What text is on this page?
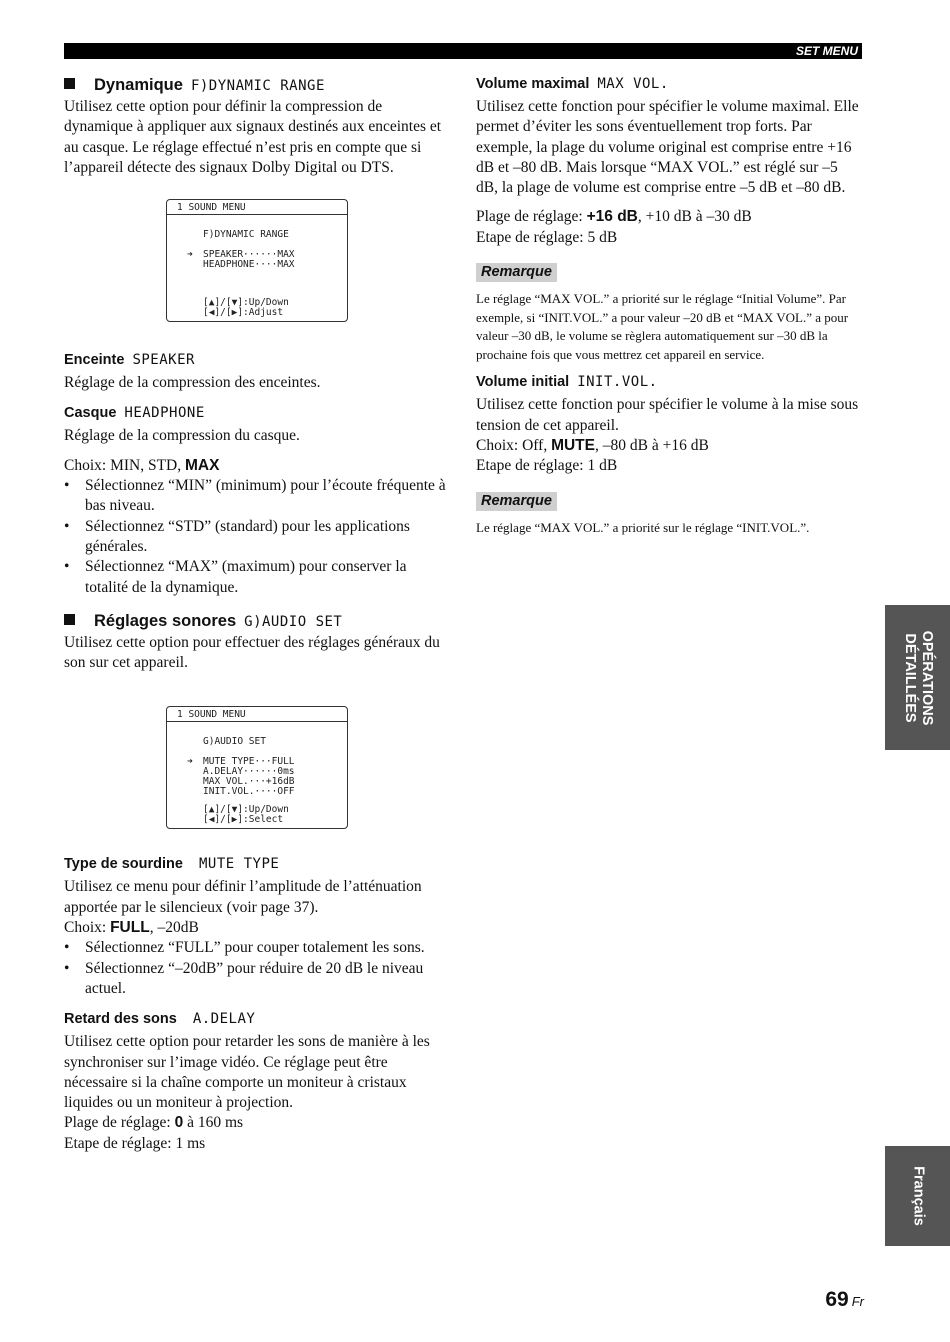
SET MENU
Dynamique F)DYNAMIC RANGE

Utilisez cette option pour définir la compression de dynamique à appliquer aux signaux destinés aux enceintes et au casque. Le réglage effectué n’est pris en compte que si l’appareil détecte des signaux Dolby Digital ou DTS.

1 SOUND MENU
F)DYNAMIC RANGE
➜ SPEAKER······MAX
HEADPHONE····MAX
[▲]/[▼]:Up/Down
[◀]/[▶]:Adjust
Enceinte SPEAKER

Réglage de la compression des enceintes.

Casque HEADPHONE

Réglage de la compression du casque.

Choix: MIN, STD, MAX

• Sélectionnez “MIN” (minimum) pour l’écoute fréquente à bas niveau.
• Sélectionnez “STD” (standard) pour les applications générales.
• Sélectionnez “MAX” (maximum) pour conserver la totalité de la dynamique.
Réglages sonores G)AUDIO SET

Utilisez cette option pour effectuer des réglages généraux du son sur cet appareil.

1 SOUND MENU
G)AUDIO SET
➜ MUTE TYPE···FULL
A.DELAY······0ms
MAX VOL.···+16dB
INIT.VOL.····OFF
[▲]/[▼]:Up/Down
[◀]/[▶]:Select
Type de sourdine MUTE TYPE

Utilisez ce menu pour définir l’amplitude de l’atténuation apportée par le silencieux (voir page 37).

Choix: FULL, –20dB

• Sélectionnez “FULL” pour couper totalement les sons.
• Sélectionnez “–20dB” pour réduire de 20 dB le niveau actuel.
Retard des sons A.DELAY

Utilisez cette option pour retarder les sons de manière à les synchroniser sur l’image vidéo. Ce réglage peut être nécessaire si la chaîne comporte un moniteur à cristaux liquides ou un moniteur à projection.

Plage de réglage: 0 à 160 ms

Etape de réglage: 1 ms

Volume maximal MAX VOL.

Utilisez cette fonction pour spécifier le volume maximal. Elle permet d’éviter les sons éventuellement trop forts. Par exemple, la plage du volume original est comprise entre +16 dB et –80 dB. Mais lorsque “MAX VOL.” est réglé sur –5 dB, la plage de volume est comprise entre –5 dB et –80 dB.

Plage de réglage: +16 dB, +10 dB à –30 dB

Etape de réglage: 5 dB

Remarque

Le réglage “MAX VOL.” a priorité sur le réglage “Initial Volume”. Par exemple, si “INIT.VOL.” a pour valeur –20 dB et “MAX VOL.” a pour valeur –30 dB, le volume se règlera automatiquement sur –30 dB la prochaine fois que vous mettrez cet appareil en service.

Volume initial INIT.VOL.

Utilisez cette fonction pour spécifier le volume à la mise sous tension de cet appareil.

Choix: Off, MUTE, –80 dB à +16 dB

Etape de réglage: 1 dB

Remarque

Le réglage “MAX VOL.” a priorité sur le réglage “INIT.VOL.”.

OPÉRATIONS
DÉTAILLÉES
Français
69 Fr
